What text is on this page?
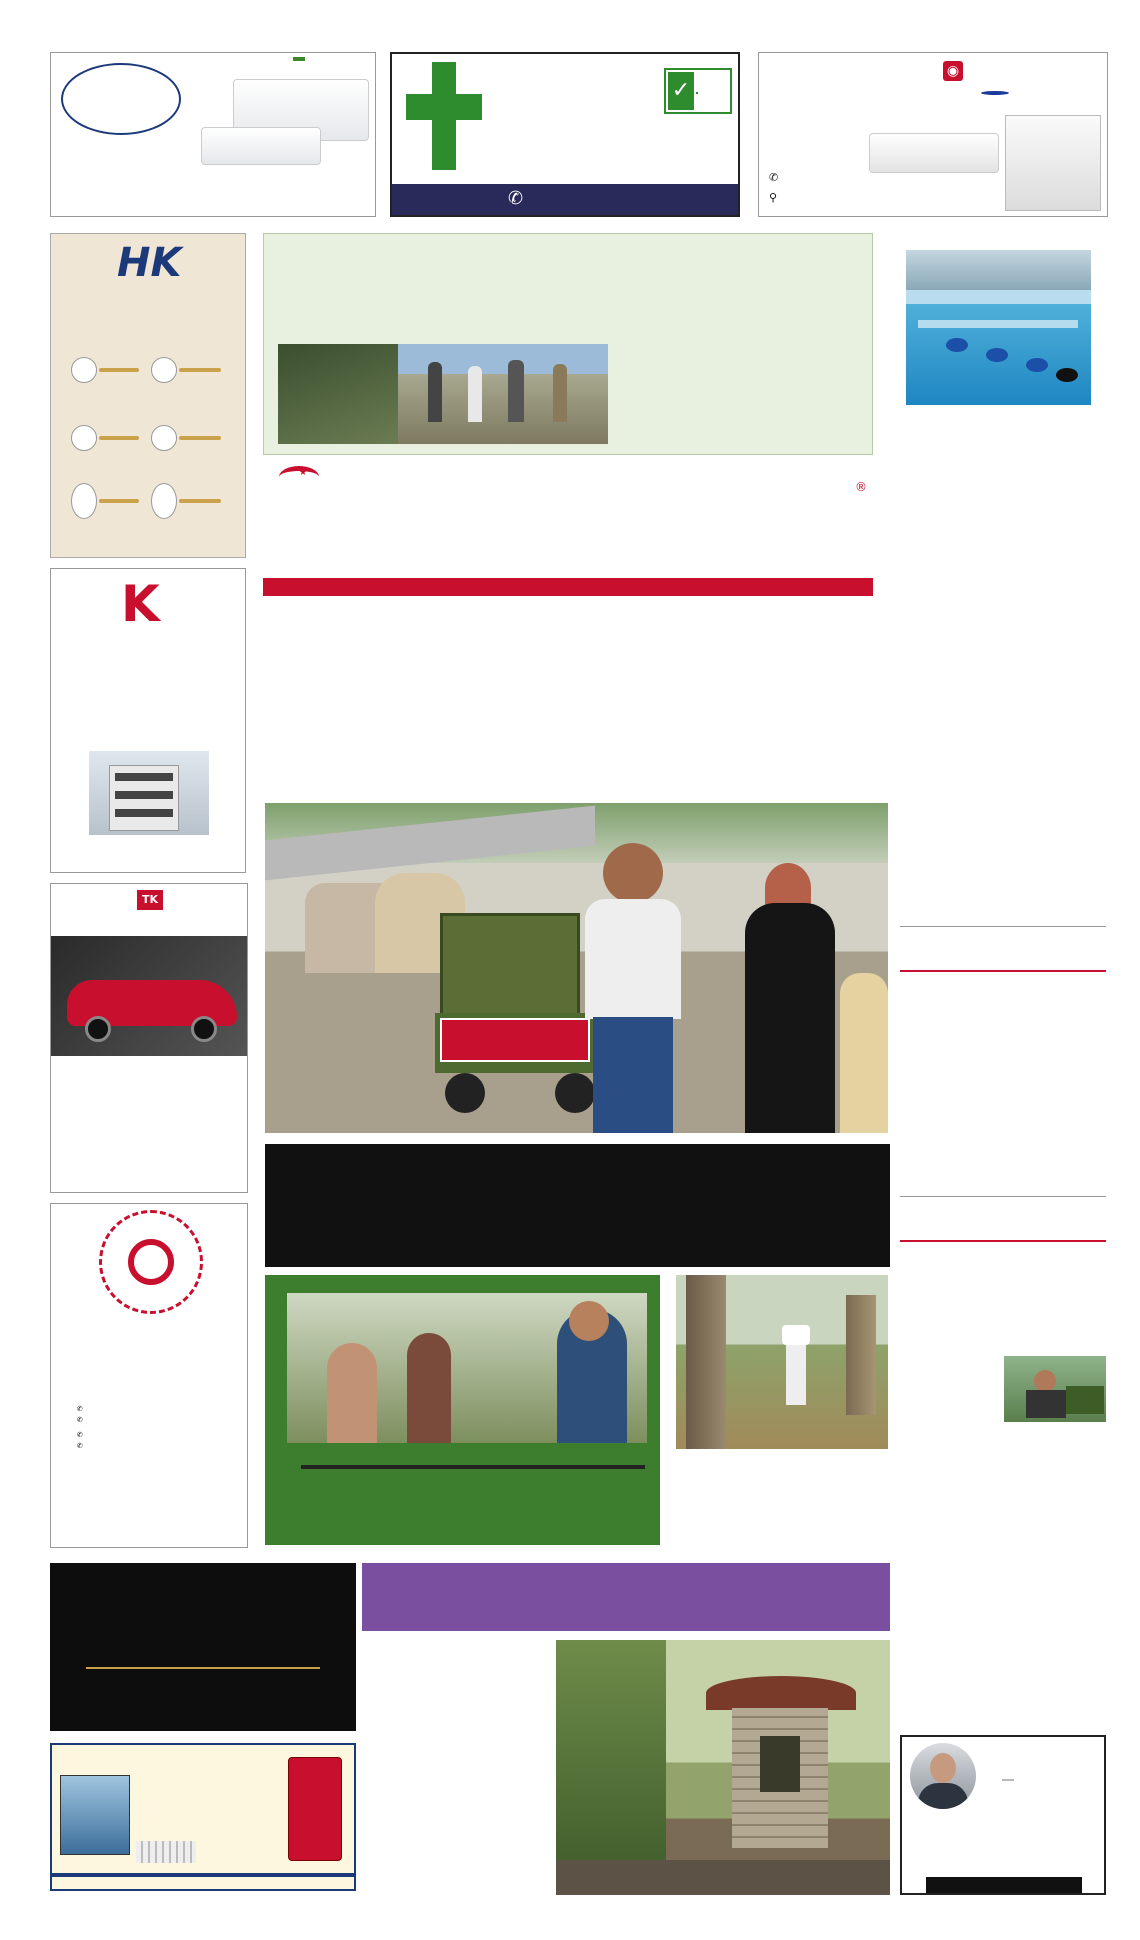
✓
✆
◉
✆
⚲
HK
K
TK
✆
✆
✆
✆
★
®
